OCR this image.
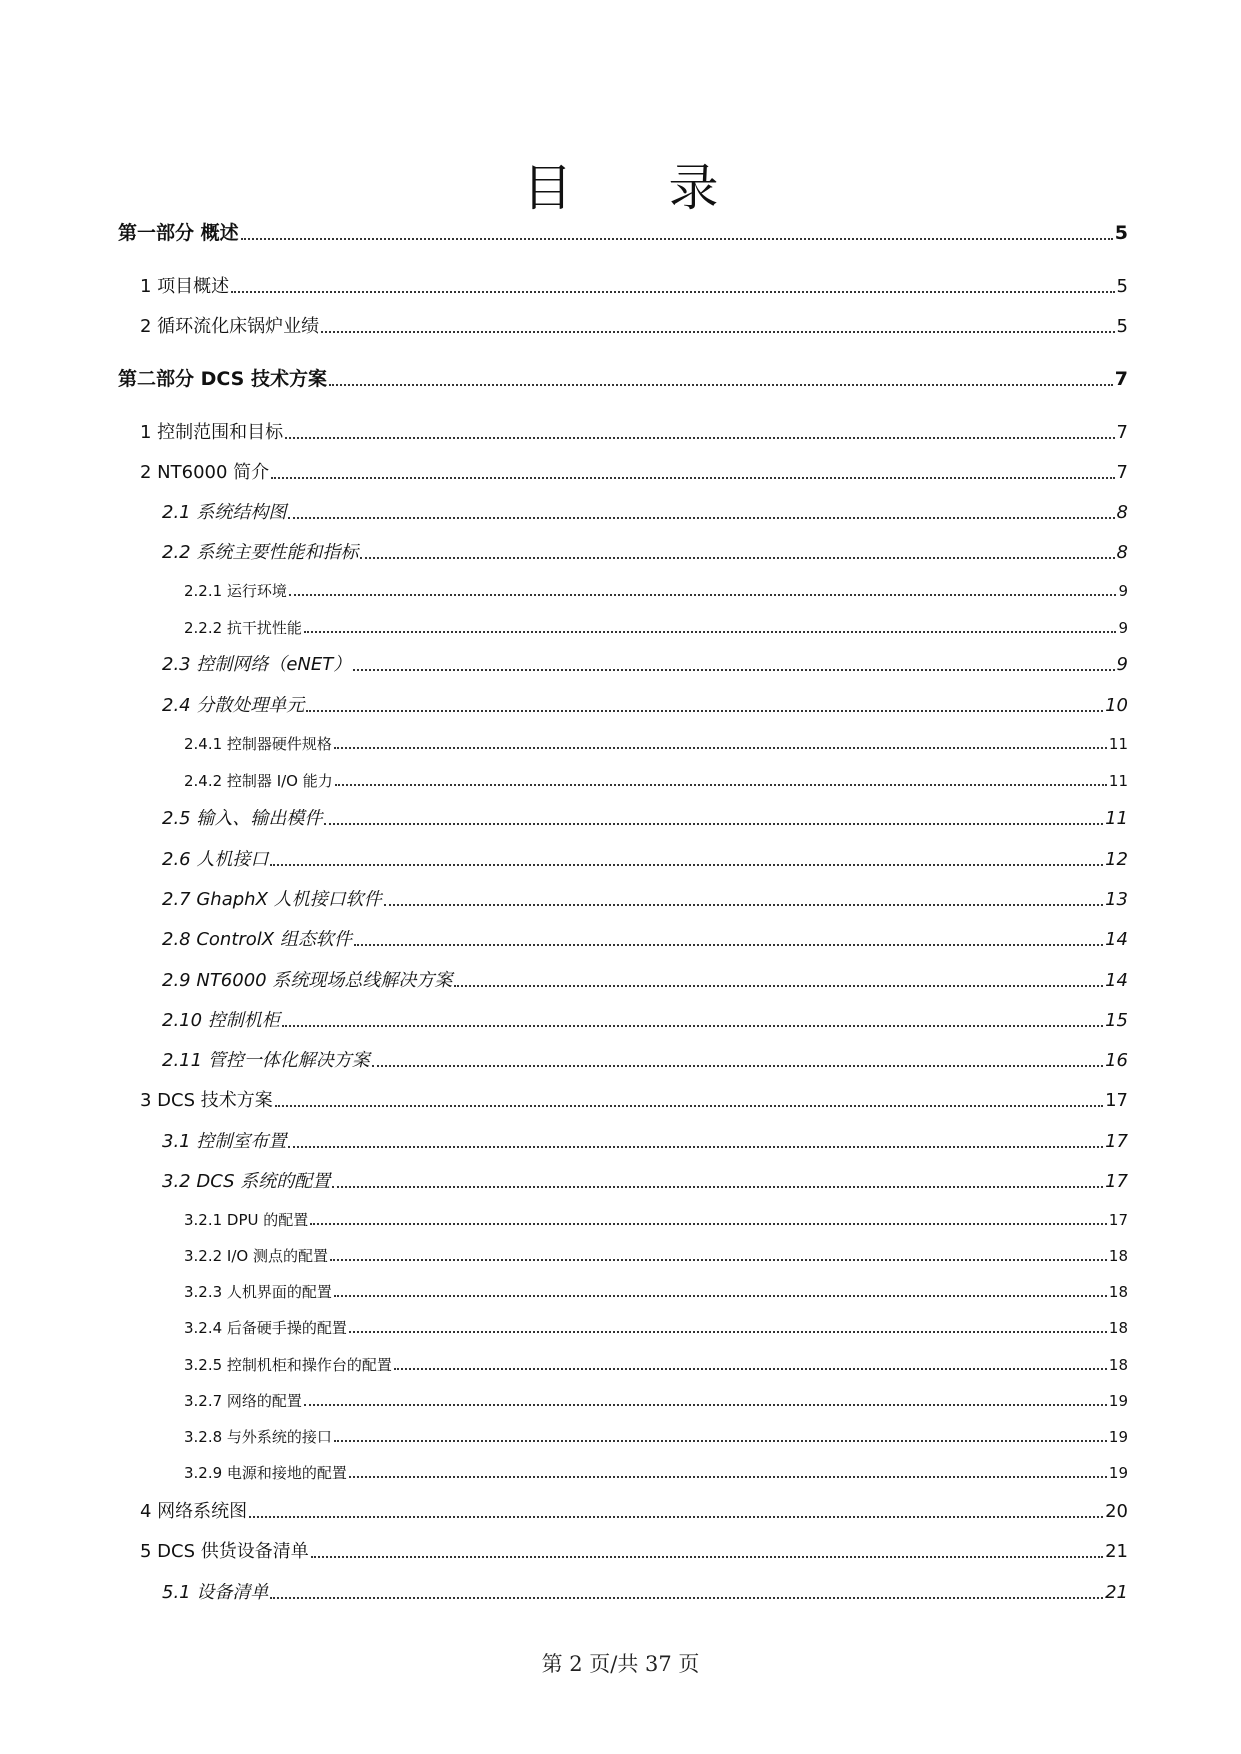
目 录
第一部分 概述	5
1 项目概述	5
2 循环流化床锅炉业绩	5
第二部分 DCS 技术方案	7
1 控制范围和目标	7
2 NT6000 简介	7
2.1 系统结构图	8
2.2 系统主要性能和指标	8
2.2.1 运行环境	9
2.2.2 抗干扰性能	9
2.3 控制网络（eNET）	9
2.4 分散处理单元	10
2.4.1 控制器硬件规格	11
2.4.2 控制器 I/O 能力	11
2.5 输入、输出模件	11
2.6 人机接口	12
2.7 GhaphX 人机接口软件	13
2.8 ControlX 组态软件	14
2.9 NT6000 系统现场总线解决方案	14
2.10 控制机柜	15
2.11 管控一体化解决方案	16
3 DCS 技术方案	17
3.1 控制室布置	17
3.2 DCS 系统的配置	17
3.2.1 DPU 的配置	17
3.2.2 I/O 测点的配置	18
3.2.3 人机界面的配置	18
3.2.4 后备硬手操的配置	18
3.2.5 控制机柜和操作台的配置	18
3.2.7 网络的配置	19
3.2.8 与外系统的接口	19
3.2.9 电源和接地的配置	19
4 网络系统图	20
5 DCS 供货设备清单	21
5.1 设备清单	21
第 2 页/共 37 页
